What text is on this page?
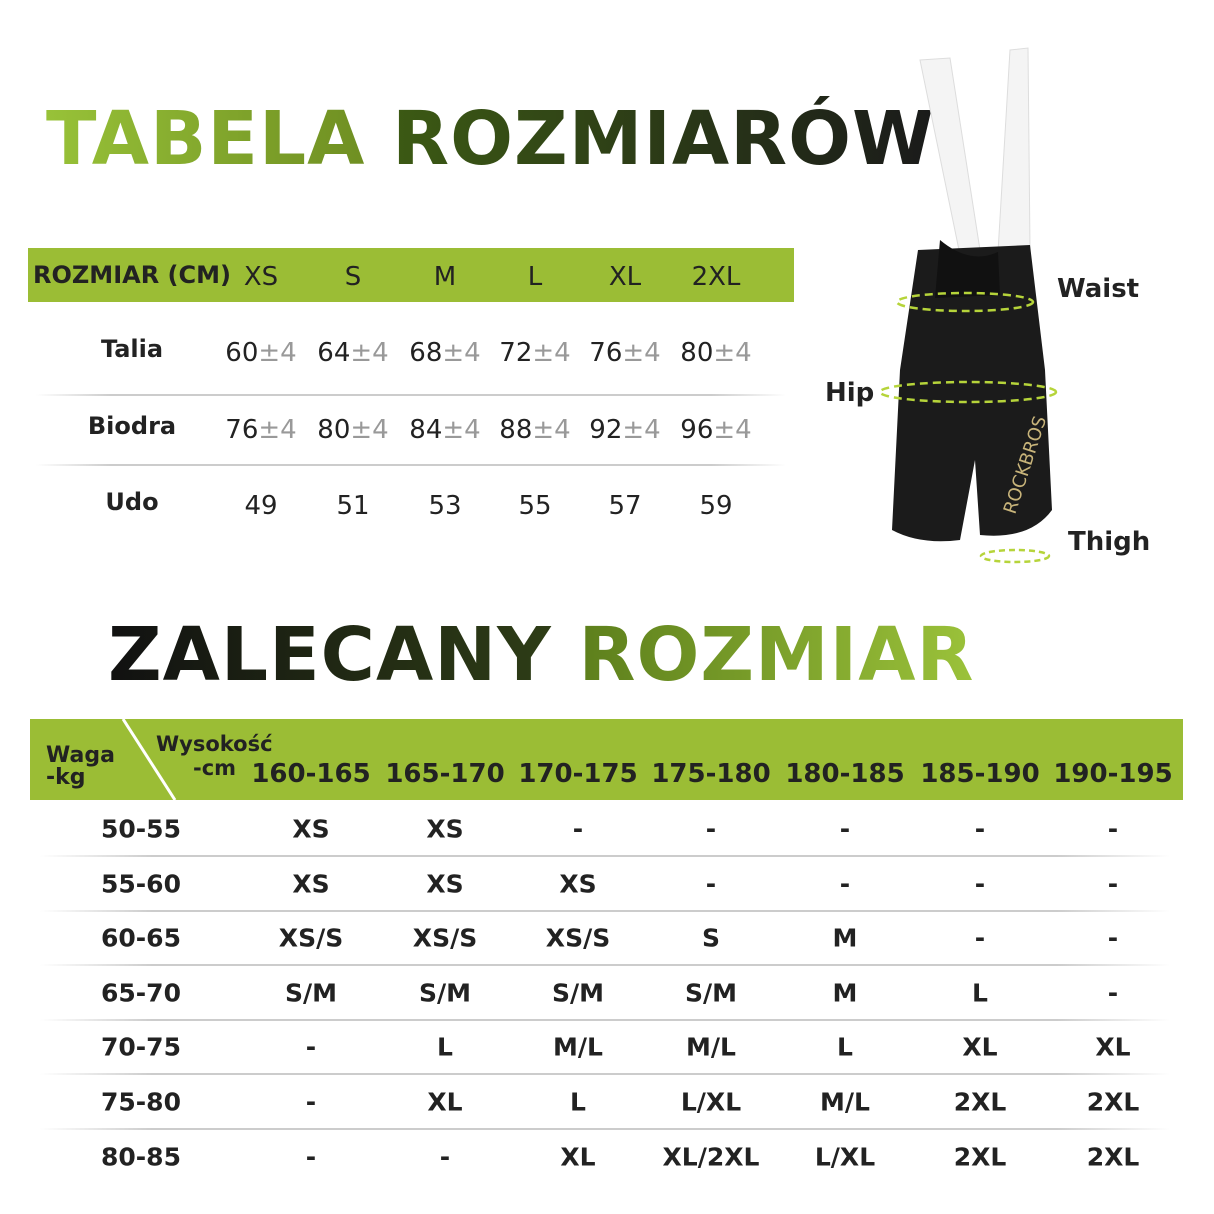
TABELA ROZMIARÓW
ROZMIAR (CM) XS	S	M	L	XL 2XL
Talia 60±4 64±4 68±4 72±4 76±4 80±4
Biodra 76±4 80±4 84±4 88±4 92±4 96±4
Udo	49 51 53 55 57 59	ROCKBROS
Waist
Hip
Thigh
ZALECANY ROZMIAR
Waga
-kg
Wysokość
-cm 160-165 165-170 170-175 175-180 180-185 185-190 190-195
50-55	XS	XS	-	-	-	-	-
55-60	XS	XS	XS	-	-	-	-
60-65	XS/S	XS/S	XS/S	S	M	-	-
65-70	S/M	S/M	S/M	S/M	M	L	-
70-75	-	L	M/L	M/L	L	XL	XL
75-80	-	XL	L	L/XL	M/L	2XL	2XL
80-85	-	-	XL	XL/2XL L/XL	2XL	2XL
